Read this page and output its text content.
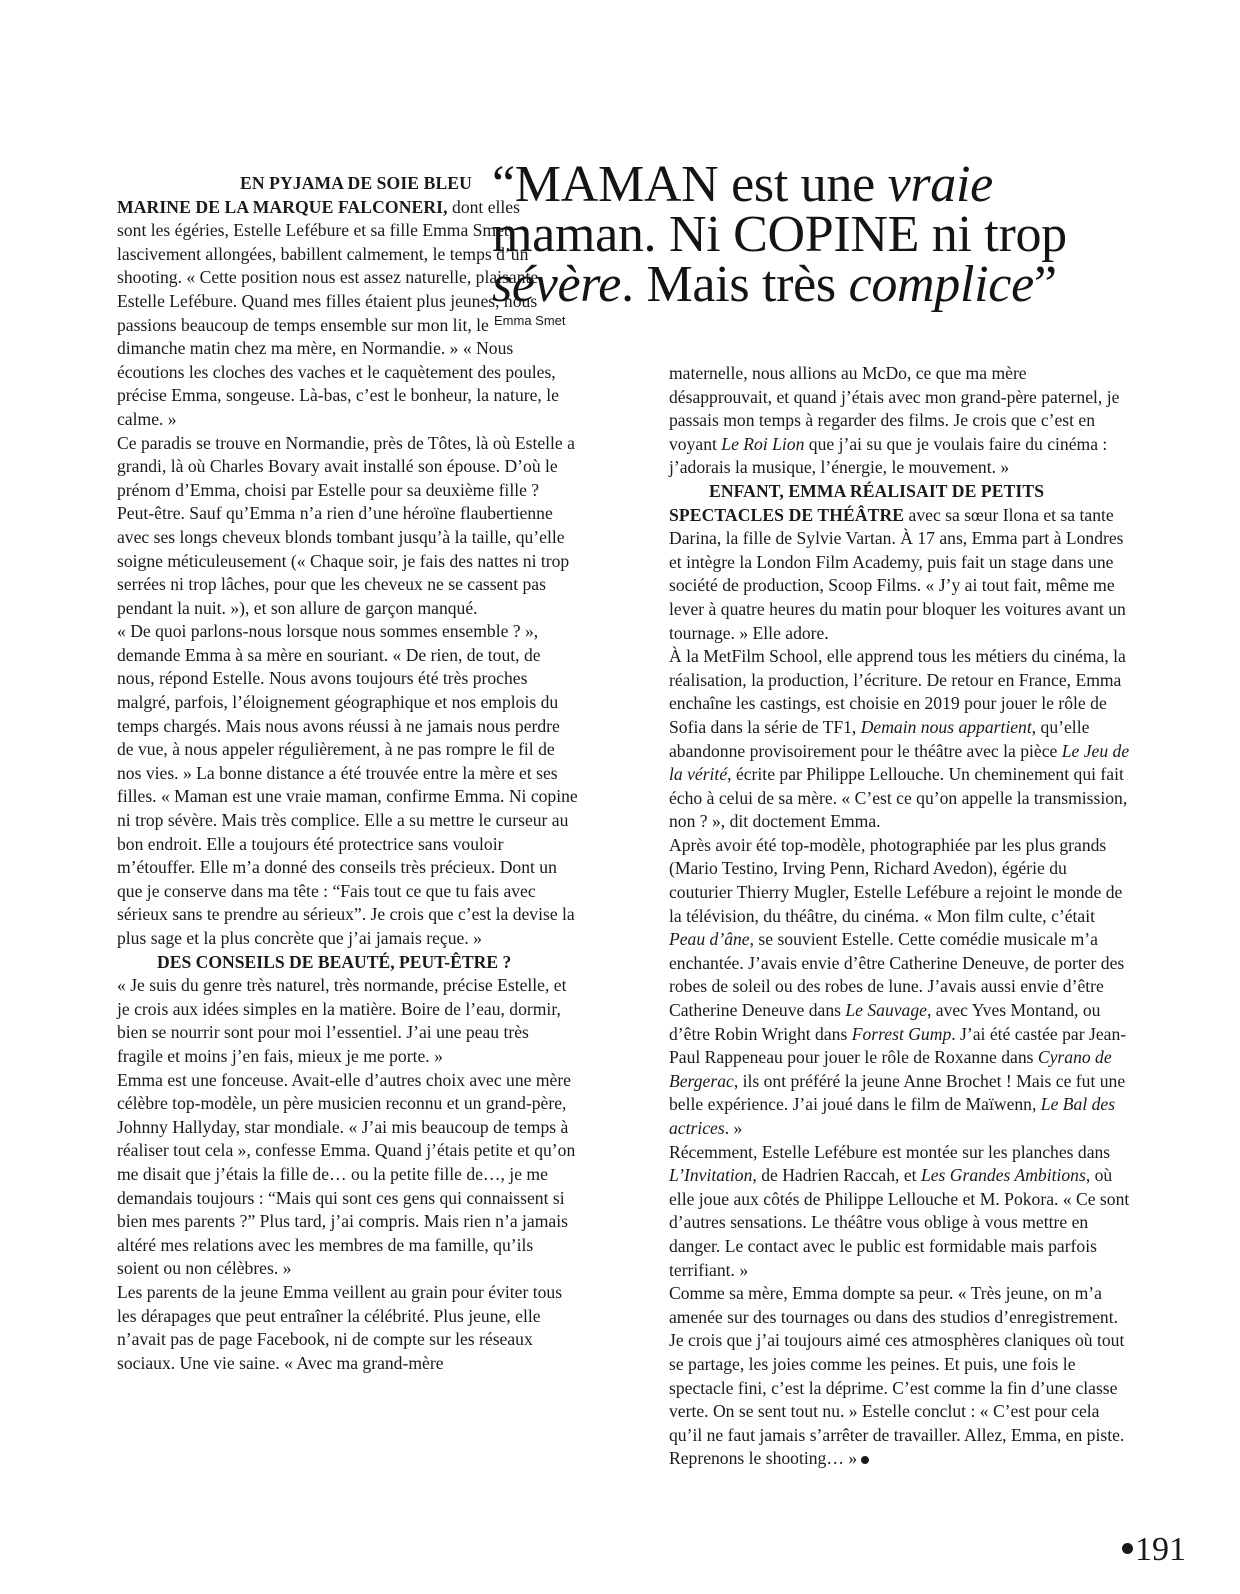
“MAMAN est une vraie
maman. Ni COPINE ni trop
sévère. Mais très complice”
Emma Smet

EN PYJAMA DE SOIE BLEU MARINE DE LA MARQUE FALCONERI, dont elles sont les égéries, Estelle Lefébure et sa fille Emma Smet, lascivement allongées, babillent calmement, le temps d’un shooting. « Cette position nous est assez naturelle, plaisante Estelle Lefébure. Quand mes filles étaient plus jeunes, nous passions beaucoup de temps ensemble sur mon lit, le dimanche matin chez ma mère, en Normandie. » « Nous écoutions les cloches des vaches et le caquètement des poules, précise Emma, songeuse. Là-bas, c’est le bonheur, la nature, le calme. »

Ce paradis se trouve en Normandie, près de Tôtes, là où Estelle a grandi, là où Charles Bovary avait installé son épouse. D’où le prénom d’Emma, choisi par Estelle pour sa deuxième fille ? Peut-être. Sauf qu’Emma n’a rien d’une héroïne flaubertienne avec ses longs cheveux blonds tombant jusqu’à la taille, qu’elle soigne méticuleusement (« Chaque soir, je fais des nattes ni trop serrées ni trop lâches, pour que les cheveux ne se cassent pas pendant la nuit. »), et son allure de garçon manqué.

« De quoi parlons-nous lorsque nous sommes ensemble ? », demande Emma à sa mère en souriant. « De rien, de tout, de nous, répond Estelle. Nous avons toujours été très proches malgré, parfois, l’éloignement géographique et nos emplois du temps chargés. Mais nous avons réussi à ne jamais nous perdre de vue, à nous appeler régulièrement, à ne pas rompre le fil de nos vies. » La bonne distance a été trouvée entre la mère et ses filles. « Maman est une vraie maman, confirme Emma. Ni copine ni trop sévère. Mais très complice. Elle a su mettre le curseur au bon endroit. Elle a toujours été protectrice sans vouloir m’étouffer. Elle m’a donné des conseils très précieux. Dont un que je conserve dans ma tête : “Fais tout ce que tu fais avec sérieux sans te prendre au sérieux”. Je crois que c’est la devise la plus sage et la plus concrète que j’ai jamais reçue. »

DES CONSEILS DE BEAUTÉ, PEUT-ÊTRE ?

« Je suis du genre très naturel, très normande, précise Estelle, et je crois aux idées simples en la matière. Boire de l’eau, dormir, bien se nourrir sont pour moi l’essentiel. J’ai une peau très fragile et moins j’en fais, mieux je me porte. »

Emma est une fonceuse. Avait-elle d’autres choix avec une mère célèbre top-modèle, un père musicien reconnu et un grand-père, Johnny Hallyday, star mondiale. « J’ai mis beaucoup de temps à réaliser tout cela », confesse Emma. Quand j’étais petite et qu’on me disait que j’étais la fille de… ou la petite fille de…, je me demandais toujours : “Mais qui sont ces gens qui connaissent si bien mes parents ?” Plus tard, j’ai compris. Mais rien n’a jamais altéré mes relations avec les membres de ma famille, qu’ils soient ou non célèbres. »

Les parents de la jeune Emma veillent au grain pour éviter tous les dérapages que peut entraîner la célébrité. Plus jeune, elle n’avait pas de page Facebook, ni de compte sur les réseaux sociaux. Une vie saine. « Avec ma grand-mère

maternelle, nous allions au McDo, ce que ma mère désapprouvait, et quand j’étais avec mon grand-père paternel, je passais mon temps à regarder des films. Je crois que c’est en voyant Le Roi Lion que j’ai su que je voulais faire du cinéma : j’adorais la musique, l’énergie, le mouvement. »

ENFANT, EMMA RÉALISAIT DE PETITS SPECTACLES DE THÉÂTRE avec sa sœur Ilona et sa tante Darina, la fille de Sylvie Vartan. À 17 ans, Emma part à Londres et intègre la London Film Academy, puis fait un stage dans une société de production, Scoop Films. « J’y ai tout fait, même me lever à quatre heures du matin pour bloquer les voitures avant un tournage. » Elle adore.

À la MetFilm School, elle apprend tous les métiers du cinéma, la réalisation, la production, l’écriture. De retour en France, Emma enchaîne les castings, est choisie en 2019 pour jouer le rôle de Sofia dans la série de TF1, Demain nous appartient, qu’elle abandonne provisoirement pour le théâtre avec la pièce Le Jeu de la vérité, écrite par Philippe Lellouche. Un cheminement qui fait écho à celui de sa mère. « C’est ce qu’on appelle la transmission, non ? », dit doctement Emma.

Après avoir été top-modèle, photographiée par les plus grands (Mario Testino, Irving Penn, Richard Avedon), égérie du couturier Thierry Mugler, Estelle Lefébure a rejoint le monde de la télévision, du théâtre, du cinéma. « Mon film culte, c’était Peau d’âne, se souvient Estelle. Cette comédie musicale m’a enchantée. J’avais envie d’être Catherine Deneuve, de porter des robes de soleil ou des robes de lune. J’avais aussi envie d’être Catherine Deneuve dans Le Sauvage, avec Yves Montand, ou d’être Robin Wright dans Forrest Gump. J’ai été castée par Jean-Paul Rappeneau pour jouer le rôle de Roxanne dans Cyrano de Bergerac, ils ont préféré la jeune Anne Brochet ! Mais ce fut une belle expérience. J’ai joué dans le film de Maïwenn, Le Bal des actrices. »

Récemment, Estelle Lefébure est montée sur les planches dans L’Invitation, de Hadrien Raccah, et Les Grandes Ambitions, où elle joue aux côtés de Philippe Lellouche et M. Pokora. « Ce sont d’autres sensations. Le théâtre vous oblige à vous mettre en danger. Le contact avec le public est formidable mais parfois terrifiant. »

Comme sa mère, Emma dompte sa peur. « Très jeune, on m’a amenée sur des tournages ou dans des studios d’enregistrement. Je crois que j’ai toujours aimé ces atmosphères claniques où tout se partage, les joies comme les peines. Et puis, une fois le spectacle fini, c’est la déprime. C’est comme la fin d’une classe verte. On se sent tout nu. » Estelle conclut : « C’est pour cela qu’il ne faut jamais s’arrêter de travailler. Allez, Emma, en piste. Reprenons le shooting… »

191
